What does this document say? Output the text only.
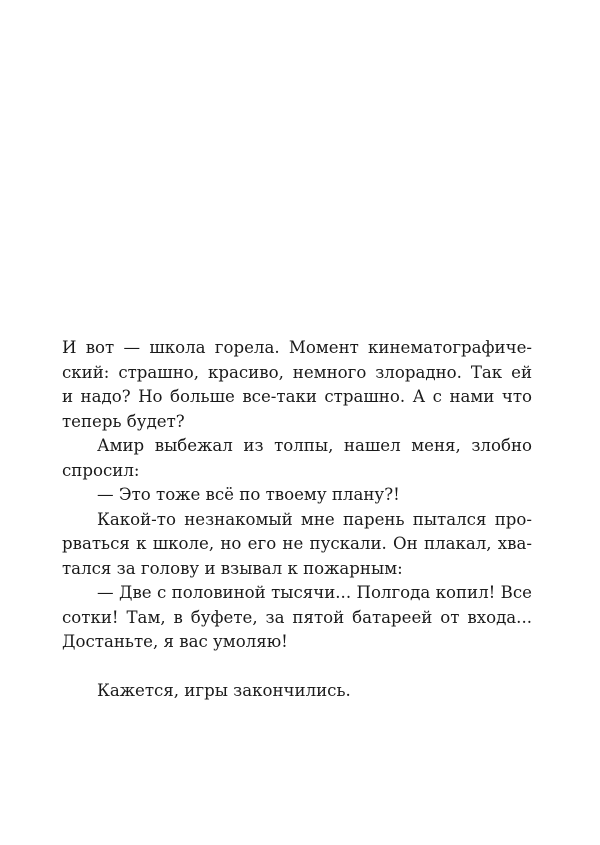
И вот — школа горела. Момент кинематографиче-
ский: страшно, красиво, немного злорадно. Так ей
и надо? Но больше все-таки страшно. А с нами что
теперь будет?
Амир выбежал из толпы, нашел меня, злобно
спросил:
— Это тоже всё по твоему плану?!
Какой-то незнакомый мне парень пытался про-
рваться к школе, но его не пускали. Он плакал, хва-
тался за голову и взывал к пожарным:
— Две с половиной тысячи... Полгода копил! Все
сотки! Там, в буфете, за пятой батареей от входа...
Достаньте, я вас умоляю!
Кажется, игры закончились.
